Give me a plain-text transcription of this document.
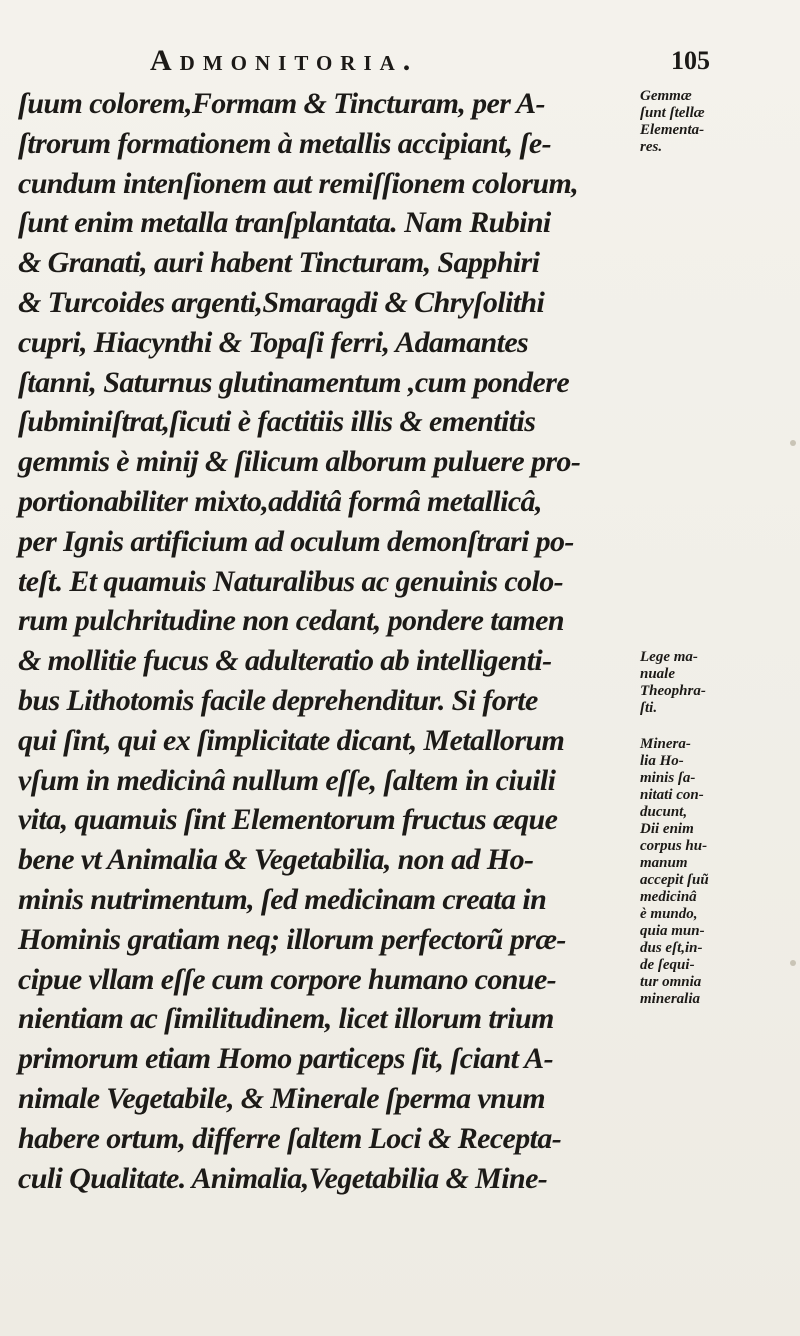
Admonitoria.	105
ſuum colorem,Formam & Tincturam, per A-
ſtrorum formationem à metallis accipiant, ſe-
cundum intenſionem aut remiſſionem colorum,
ſunt enim metalla tranſplantata. Nam Rubini
& Granati, auri habent Tincturam, Sapphiri
& Turcoides argenti,Smaragdi & Chryſolithi
cupri, Hiacynthi & Topaſi ferri, Adamantes
ſtanni, Saturnus glutinamentum ,cum pondere
ſubminiſtrat,ſicuti è factitiis illis & ementitis
gemmis è minij & ſilicum alborum puluere pro-
portionabiliter mixto,additâ formâ metallicâ,
per Ignis artificium ad oculum demonſtrari po-
teſt. Et quamuis Naturalibus ac genuinis colo-
rum pulchritudine non cedant, pondere tamen
& mollitie fucus & adulteratio ab intelligenti-
bus Lithotomis facile deprehenditur. Si forte
qui ſint, qui ex ſimplicitate dicant, Metallorum
vſum in medicinâ nullum eſſe, ſaltem in ciuili
vita, quamuis ſint Elementorum fructus æque
bene vt Animalia & Vegetabilia, non ad Ho-
minis nutrimentum, ſed medicinam creata in
Hominis gratiam neq; illorum perfectorũ præ-
cipue vllam eſſe cum corpore humano conue-
nientiam ac ſimilitudinem, licet illorum trium
primorum etiam Homo particeps ſit, ſciant A-
nimale Vegetabile, & Minerale ſperma vnum
habere ortum, differre ſaltem Loci & Recepta-
culi Qualitate. Animalia,Vegetabilia & Mine-
Gemmæ
ſunt ſtellæ
Elementa-
res.
Lege ma-
nuale
Theophra-
ſti.
Minera-
lia Ho-
minis ſa-
nitati con-
ducunt,
Dii enim
corpus hu-
manum
accepit ſuũ
medicinâ
è mundo,
quia mun-
dus eſt,in-
de ſequi-
tur omnia
mineralia
